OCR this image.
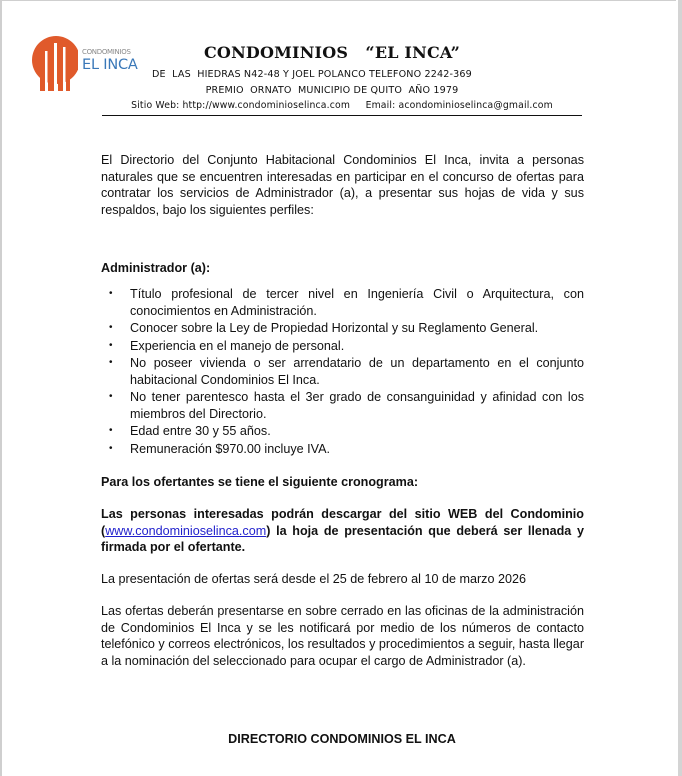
CONDOMINIOS
EL INCA
CONDOMINIOS   “EL INCA”
DE  LAS  HIEDRAS N42-48 Y JOEL POLANCO TELEFONO 2242-369
PREMIO  ORNATO  MUNICIPIO DE QUITO  AÑO 1979
Sitio Web: http://www.condominioselinca.com Email: acondominioselinca@gmail.com
El Directorio del Conjunto Habitacional Condominios El Inca, invita a personas naturales que se encuentren interesadas en participar en el concurso de ofertas para contratar los servicios de Administrador (a), a presentar sus hojas de vida y sus respaldos, bajo los siguientes perfiles:
Administrador (a):
• Título profesional de tercer nivel en Ingeniería Civil o Arquitectura, con conocimientos en Administración.
• Conocer sobre la Ley de Propiedad Horizontal y su Reglamento General.
• Experiencia en el manejo de personal.
• No poseer vivienda o ser arrendatario de un departamento en el conjunto habitacional Condominios El Inca.
• No tener parentesco hasta el 3er grado de consanguinidad y afinidad con los miembros del Directorio.
• Edad entre 30 y 55 años.
• Remuneración $970.00 incluye IVA.
Para los ofertantes se tiene el siguiente cronograma:
Las personas interesadas podrán descargar del sitio WEB del Condominio (www.condominioselinca.com) la hoja de presentación que deberá ser llenada y firmada por el ofertante.
La presentación de ofertas será desde el 25 de febrero al 10 de marzo 2026
Las ofertas deberán presentarse en sobre cerrado en las oficinas de la administración de Condominios El Inca y se les notificará por medio de los números de contacto telefónico y correos electrónicos, los resultados y procedimientos a seguir, hasta llegar a la nominación del seleccionado para ocupar el cargo de Administrador (a).
DIRECTORIO CONDOMINIOS EL INCA
